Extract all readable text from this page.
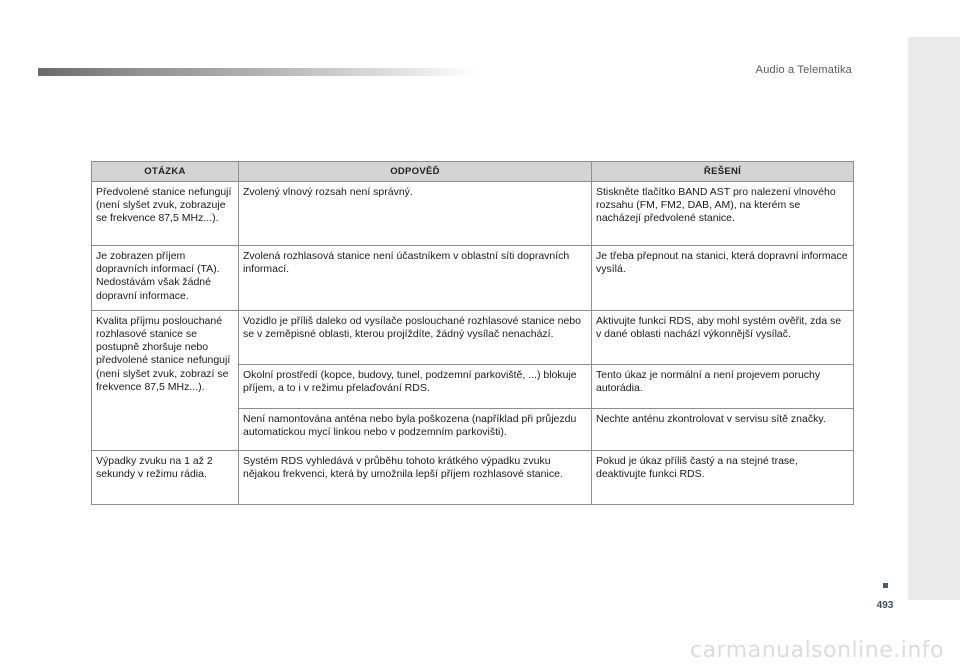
Audio a Telematika
OTÁZKA	ODPOVĚĎ	ŘEŠENÍ
Předvolené stanice nefungují (není slyšet zvuk, zobrazuje se frekvence 87,5 MHz...).	Zvolený vlnový rozsah není správný.	Stiskněte tlačítko BAND AST pro nalezení vlnového rozsahu (FM, FM2, DAB, AM), na kterém se nacházejí předvolené stanice.
Je zobrazen příjem dopravních informací (TA). Nedostávám však žádné dopravní informace.	Zvolená rozhlasová stanice není účastníkem v oblastní síti dopravních informací.	Je třeba přepnout na stanici, která dopravní informace vysílá.
Kvalita příjmu poslouchané rozhlasové stanice se postupně zhoršuje nebo předvolené stanice nefungují (není slyšet zvuk, zobrazí se frekvence 87,5 MHz...).	Vozidlo je příliš daleko od vysílače poslouchané rozhlasové stanice nebo se v zeměpisné oblasti, kterou projíždíte, žádný vysílač nenachází.	Aktivujte funkci RDS, aby mohl systém ověřit, zda se v dané oblasti nachází výkonnější vysílač.
	Okolní prostředí (kopce, budovy, tunel, podzemní parkoviště, ...) blokuje příjem, a to i v režimu přelaďování RDS.	Tento úkaz je normální a není projevem poruchy autorádia.
	Není namontována anténa nebo byla poškozena (například při průjezdu automatickou mycí linkou nebo v podzemním parkovišti).	Nechte anténu zkontrolovat v servisu sítě značky.
Výpadky zvuku na 1 až 2 sekundy v režimu rádia.	Systém RDS vyhledává v průběhu tohoto krátkého výpadku zvuku nějakou frekvenci, která by umožnila lepší příjem rozhlasové stanice.	Pokud je úkaz příliš častý a na stejné trase, deaktivujte funkci RDS.
493
carmanualsonline.info
